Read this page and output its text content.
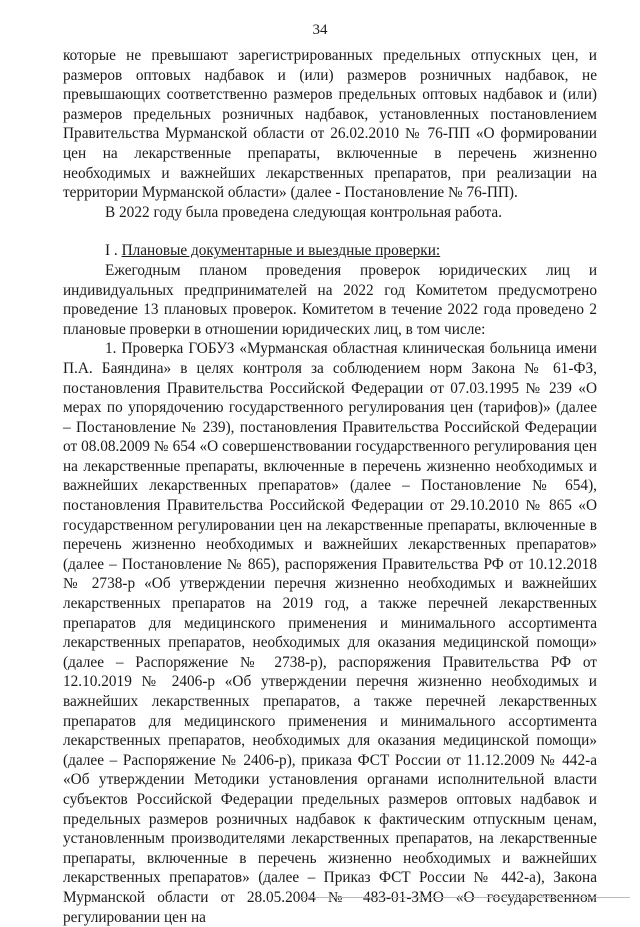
34

которые не превышают зарегистрированных предельных отпускных цен, и размеров оптовых надбавок и (или) размеров розничных надбавок, не превышающих соответственно размеров предельных оптовых надбавок и (или) размеров предельных розничных надбавок, установленных постановлением Правительства Мурманской области от 26.02.2010 № 76-ПП «О формировании цен на лекарственные препараты, включенные в перечень жизненно необходимых и важнейших лекарственных препаратов, при реализации на территории Мурманской области» (далее - Постановление № 76-ПП).

В 2022 году была проведена следующая контрольная работа.

I . Плановые документарные и выездные проверки:

Ежегодным планом проведения проверок юридических лиц и индивидуальных предпринимателей на 2022 год Комитетом предусмотрено проведение 13 плановых проверок. Комитетом в течение 2022 года проведено 2 плановые проверки в отношении юридических лиц, в том числе:

1. Проверка ГОБУЗ «Мурманская областная клиническая больница имени П.А. Баяндина» в целях контроля за соблюдением норм Закона № 61-ФЗ, постановления Правительства Российской Федерации от 07.03.1995 № 239 «О мерах по упорядочению государственного регулирования цен (тарифов)» (далее – Постановление № 239), постановления Правительства Российской Федерации от 08.08.2009 № 654 «О совершенствовании государственного регулирования цен на лекарственные препараты, включенные в перечень жизненно необходимых и важнейших лекарственных препаратов» (далее – Постановление № 654), постановления Правительства Российской Федерации от 29.10.2010 № 865 «О государственном регулировании цен на лекарственные препараты, включенные в перечень жизненно необходимых и важнейших лекарственных препаратов» (далее – Постановление № 865), распоряжения Правительства РФ от 10.12.2018 № 2738-р «Об утверждении перечня жизненно необходимых и важнейших лекарственных препаратов на 2019 год, а также перечней лекарственных препаратов для медицинского применения и минимального ассортимента лекарственных препаратов, необходимых для оказания медицинской помощи» (далее – Распоряжение № 2738-р), распоряжения Правительства РФ от 12.10.2019 № 2406-р «Об утверждении перечня жизненно необходимых и важнейших лекарственных препаратов, а также перечней лекарственных препаратов для медицинского применения и минимального ассортимента лекарственных препаратов, необходимых для оказания медицинской помощи» (далее – Распоряжение № 2406-р), приказа ФСТ России от 11.12.2009 № 442-а «Об утверждении Методики установления органами исполнительной власти субъектов Российской Федерации предельных размеров оптовых надбавок и предельных размеров розничных надбавок к фактическим отпускным ценам, установленным производителями лекарственных препаратов, на лекарственные препараты, включенные в перечень жизненно необходимых и важнейших лекарственных препаратов» (далее – Приказ ФСТ России № 442-а), Закона Мурманской области от 28.05.2004 № 483-01-ЗМО «О государственном регулировании цен на
